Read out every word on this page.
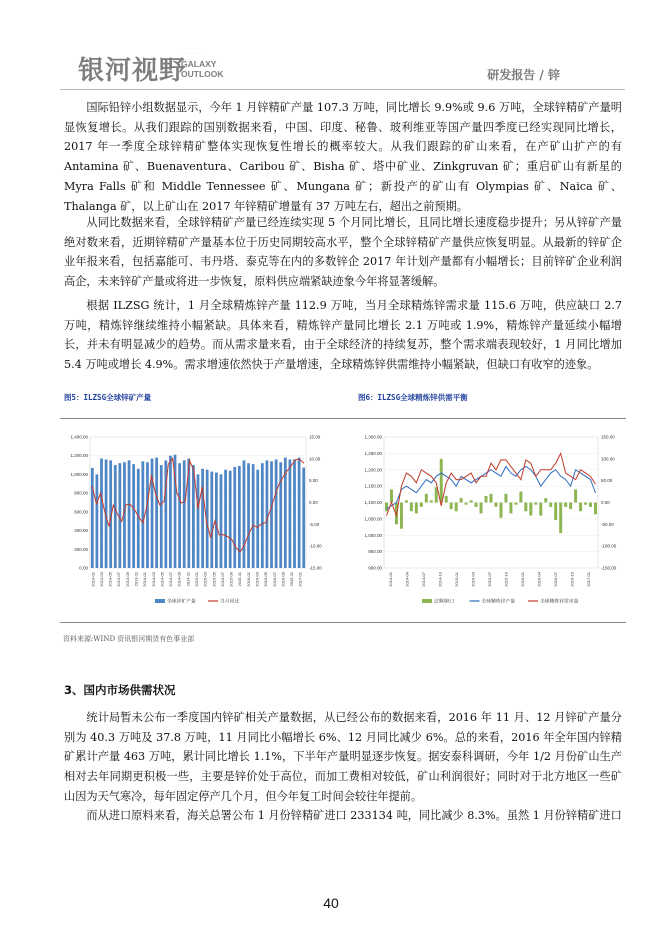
银河视野
· · · · · ·
GALAXY
OUTLOOK	研发报告 / 锌

国际铅锌小组数据显示，今年 1 月锌精矿产量 107.3 万吨，同比增长 9.9%或 9.6 万吨，全球锌精矿产量明显恢复增长。从我们跟踪的国别数据来看，中国、印度、秘鲁、玻利维亚等国产量四季度已经实现同比增长，2017 年一季度全球锌精矿整体实现恢复性增长的概率较大。从我们跟踪的矿山来看，在产矿山扩产的有 Antamina 矿、Buenaventura、Caribou 矿、Bisha 矿、塔中矿业、Zinkgruvan 矿；重启矿山有新星的 Myra Falls 矿和 Middle Tennessee 矿、Mungana 矿；新投产的矿山有 Olympias 矿、Naica 矿、Thalanga 矿，以上矿山在 2017 年锌精矿增量有 37 万吨左右，超出之前预期。

从同比数据来看，全球锌精矿产量已经连续实现 5 个月同比增长，且同比增长速度稳步提升；另从锌矿产量绝对数来看，近期锌精矿产量基本位于历史同期较高水平，整个全球锌精矿产量供应恢复明显。从最新的锌矿企业年报来看，包括嘉能可、韦丹塔、泰克等在内的多数锌企 2017 年计划产量都有小幅增长；目前锌矿企业利润高企，未来锌矿产量或将进一步恢复，原料供应端紧缺迹象今年将显著缓解。

根据 ILZSG 统计，1 月全球精炼锌产量 112.9 万吨，当月全球精炼锌需求量 115.6 万吨，供应缺口 2.7 万吨，精炼锌继续维持小幅紧缺。具体来看，精炼锌产量同比增长 2.1 万吨或 1.9%，精炼锌产量延续小幅增长，并未有明显减少的趋势。而从需求量来看，由于全球经济的持续复苏，整个需求端表现较好，1 月同比增加 5.4 万吨或增长 4.9%。需求增速依然快于产量增速，全球精炼锌供需维持小幅紧缺，但缺口有收窄的迹象。

图5：ILZSG全球锌矿产量	图6：ILZSG全球精炼锌供需平衡
0.00
200.00
400.00
600.00
800.00
1,000.00
1,200.00
1,400.00
-15.00
-10.00
-5.00
0.00
5.00
10.00
15.00
2013-01 2013-03 2013-05 2013-07 2013-09 2013-11 2014-01 2014-03 2014-05 2014-07 2014-09 2014-11 2015-01 2015-03 2015-05 2015-07 2015-09 2015-11 2016-01 2016-03 2016-05 2016-07 2016-09 2016-11 2017-01
全球锌矿产量	当月同比
900.00
950.00
1,000.00
1,050.00
1,100.00
1,150.00
1,200.00
1,250.00
1,300.00
-150.00
-100.00
-50.00
0.00
50.00
100.00
150.00
2014-01	2014-04	2014-07	2014-10	2015-01	2015-04	2015-07	2015-10	2016-01	2016-04	2016-07	2016-10	2017-01
过剩/缺口	全球精炼锌产量	全球精炼锌需求量
资料来源:WIND 资讯银河期货有色事业部
3、国内市场供需状况

统计局暂未公布一季度国内锌矿相关产量数据，从已经公布的数据来看，2016 年 11 月、12 月锌矿产量分别为 40.3 万吨及 37.8 万吨，11 月同比小幅增长 6%、12 月同比减少 6%。总的来看，2016 年全年国内锌精矿累计产量 463 万吨，累计同比增长 1.1%，下半年产量明显逐步恢复。据安泰科调研，今年 1/2 月份矿山生产相对去年同期更积极一些，主要是锌价处于高位，而加工费相对较低，矿山利润很好；同时对于北方地区一些矿山因为天气寒冷，每年固定停产几个月，但今年复工时间会较往年提前。

而从进口原料来看，海关总署公布 1 月份锌精矿进口 233134 吨，同比减少 8.3%。虽然 1 月份锌精矿进口

40
